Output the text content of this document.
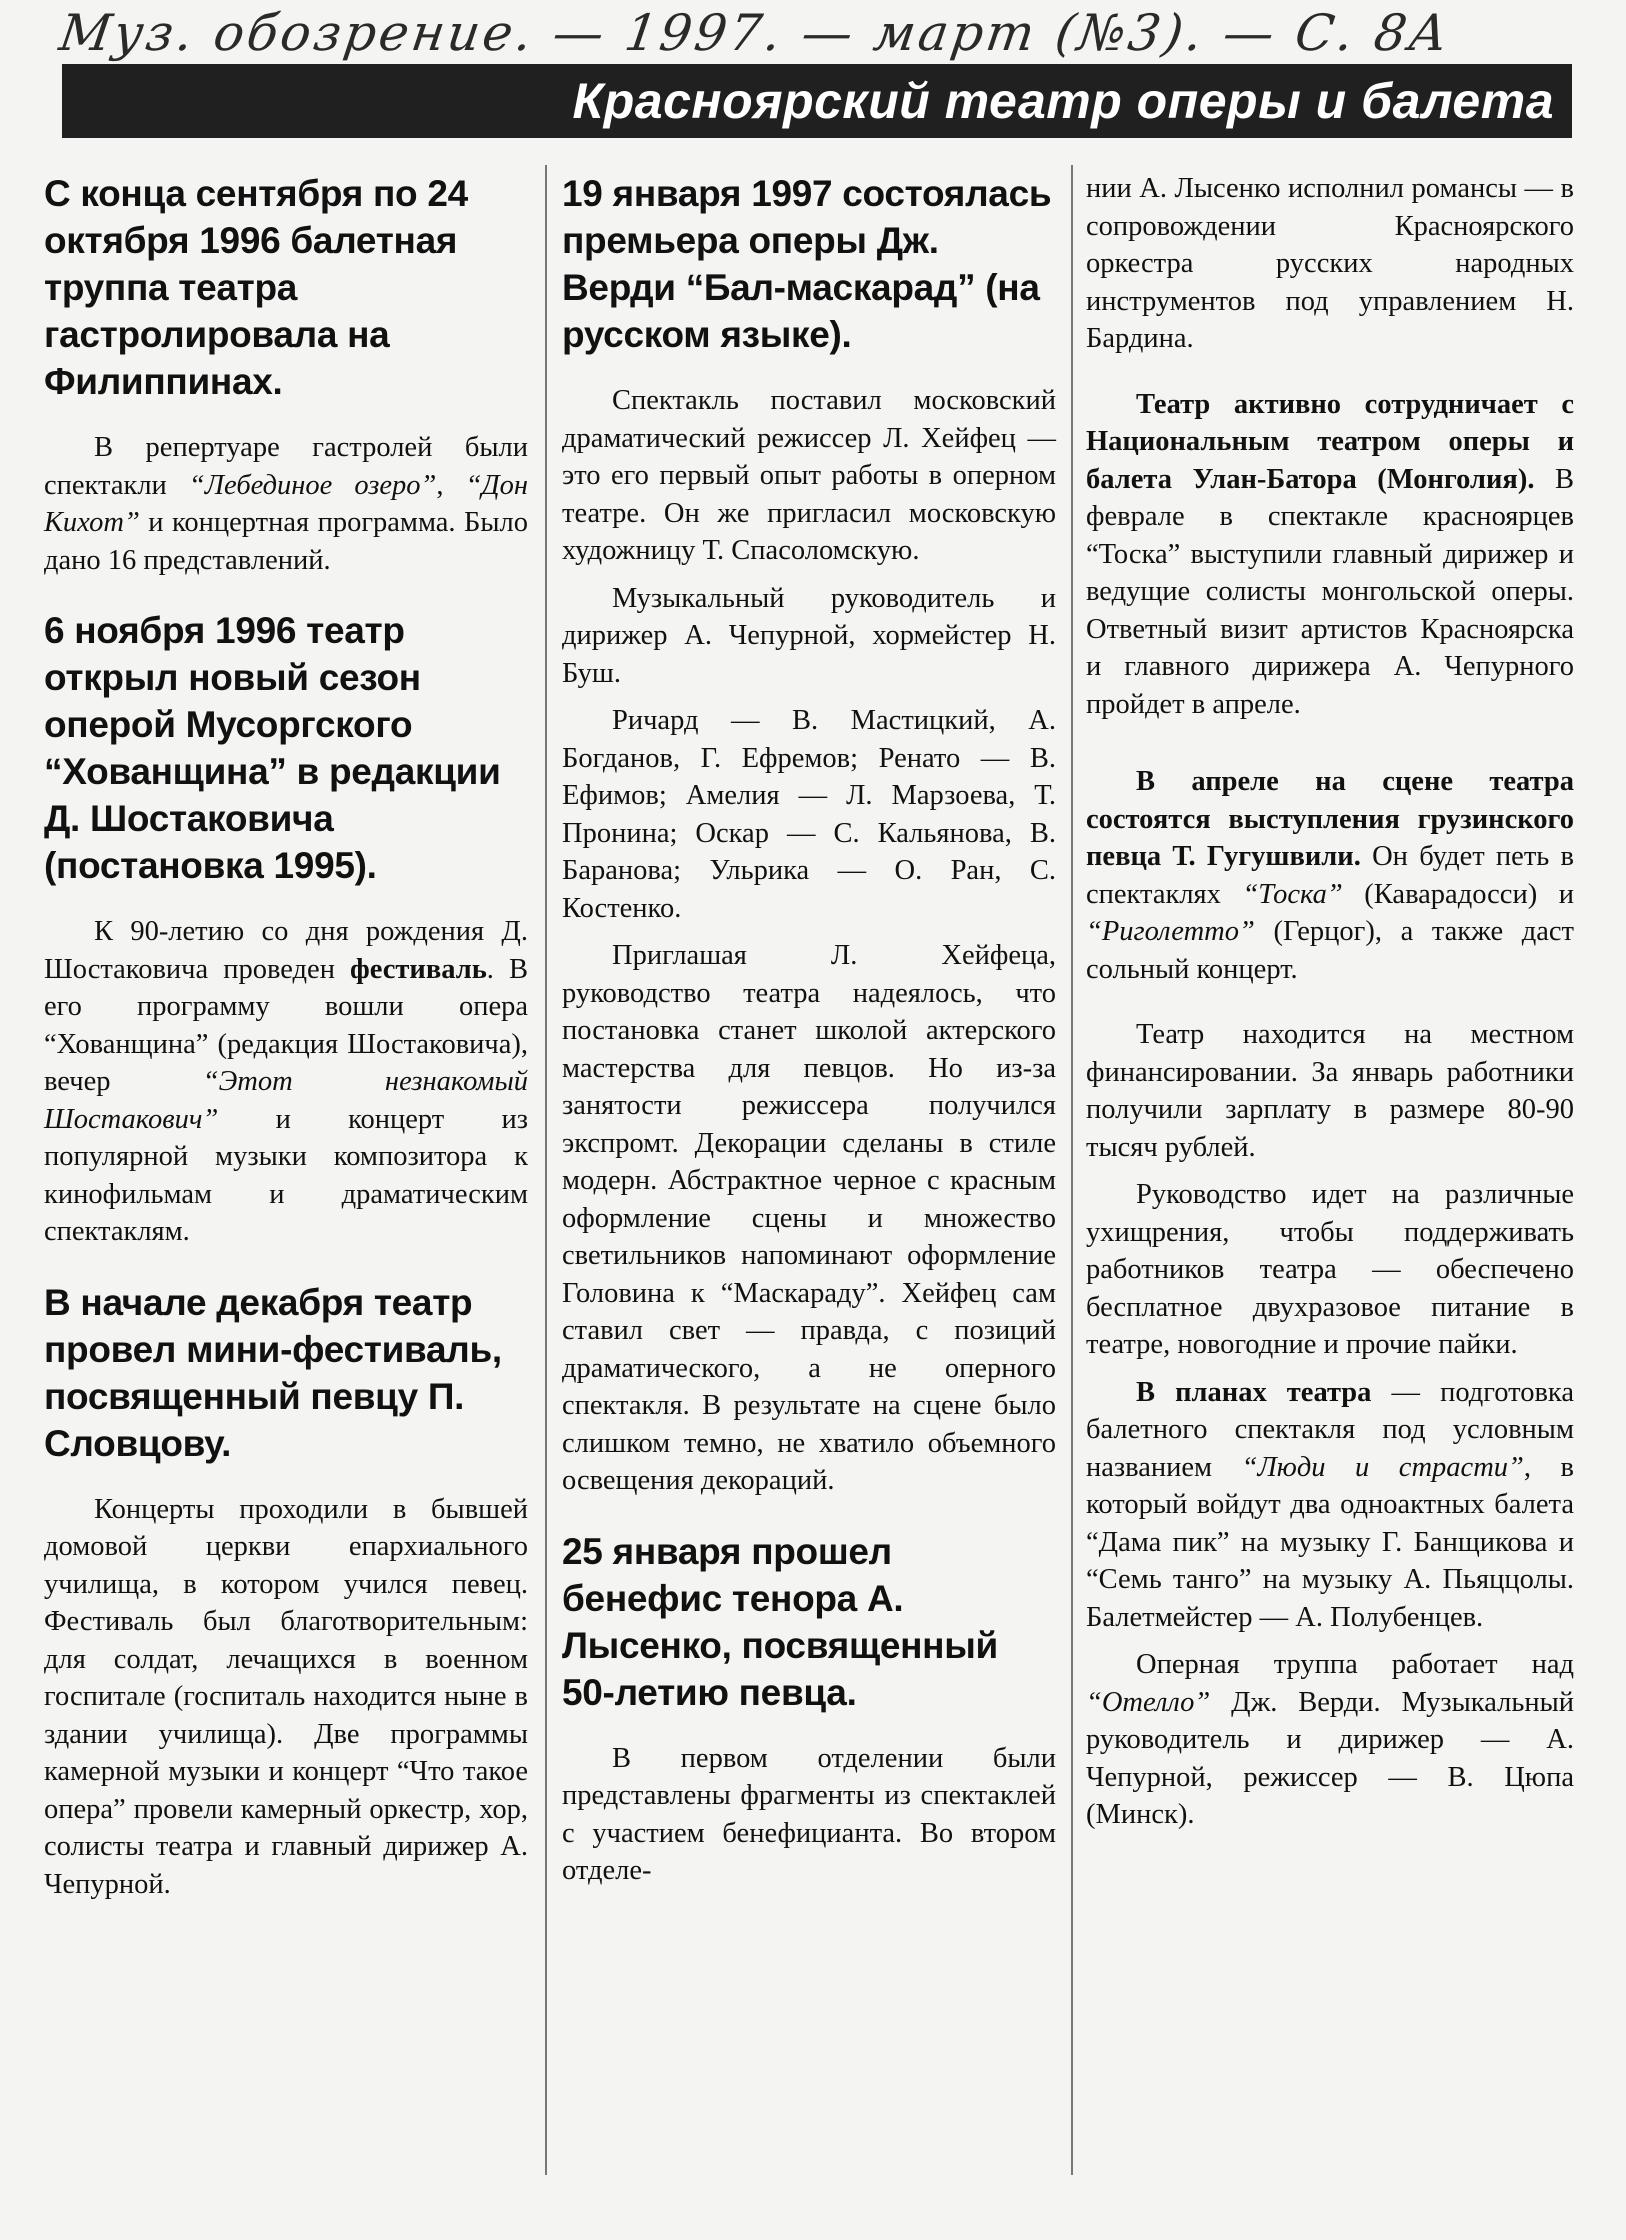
Муз. обозрение. — 1997. — март (№3). — С. 8А
Красноярский театр оперы и балета
С конца сентября по 24 октября 1996 балетная труппа театра гастролировала на Филиппинах.

В репертуаре гастролей были спектакли “Лебединое озеро”, “Дон Кихот” и концертная программа. Было дано 16 представлений.

6 ноября 1996 театр открыл новый сезон оперой Мусоргского “Хованщина” в редакции Д. Шостаковича (постановка 1995).

К 90-летию со дня рождения Д. Шостаковича проведен фестиваль. В его программу вошли опера “Хованщина” (редакция Шостаковича), вечер “Этот незнакомый Шостакович” и концерт из популярной музыки композитора к кинофильмам и драматическим спектаклям.

В начале декабря театр провел мини-фестиваль, посвященный певцу П. Словцову.

Концерты проходили в бывшей домовой церкви епархиального училища, в котором учился певец. Фестиваль был благотворительным: для солдат, лечащихся в военном госпитале (госпиталь находится ныне в здании училища). Две программы камерной музыки и концерт “Что такое опера” провели камерный оркестр, хор, солисты театра и главный дирижер А. Чепурной.

19 января 1997 состоялась премьера оперы Дж. Верди “Бал-маскарад” (на русском языке).

Спектакль поставил московский драматический режиссер Л. Хейфец — это его первый опыт работы в оперном театре. Он же пригласил московскую художницу Т. Спасоломскую.

Музыкальный руководитель и дирижер А. Чепурной, хормейстер Н. Буш.

Ричард — В. Мастицкий, А. Богданов, Г. Ефремов; Ренато — В. Ефимов; Амелия — Л. Марзоева, Т. Пронина; Оскар — С. Кальянова, В. Баранова; Ульрика — О. Ран, С. Костенко.

Приглашая Л. Хейфеца, руководство театра надеялось, что постановка станет школой актерского мастерства для певцов. Но из-за занятости режиссера получился экспромт. Декорации сделаны в стиле модерн. Абстрактное черное с красным оформление сцены и множество светильников напоминают оформление Головина к “Маскараду”. Хейфец сам ставил свет — правда, с позиций драматического, а не оперного спектакля. В результате на сцене было слишком темно, не хватило объемного освещения декораций.

25 января прошел бенефис тенора А. Лысенко, посвященный 50-летию певца.

В первом отделении были представлены фрагменты из спектаклей с участием бенефицианта. Во втором отделе-

нии А. Лысенко исполнил романсы — в сопровождении Красноярского оркестра русских народных инструментов под управлением Н. Бардина.

Театр активно сотрудничает с Национальным театром оперы и балета Улан-Батора (Монголия). В феврале в спектакле красноярцев “Тоска” выступили главный дирижер и ведущие солисты монгольской оперы. Ответный визит артистов Красноярска и главного дирижера А. Чепурного пройдет в апреле.

В апреле на сцене театра состоятся выступления грузинского певца Т. Гугушвили. Он будет петь в спектаклях “Тоска” (Каварадосси) и “Риголетто” (Герцог), а также даст сольный концерт.

Театр находится на местном финансировании. За январь работники получили зарплату в размере 80-90 тысяч рублей.

Руководство идет на различные ухищрения, чтобы поддерживать работников театра — обеспечено бесплатное двухразовое питание в театре, новогодние и прочие пайки.

В планах театра — подготовка балетного спектакля под условным названием “Люди и страсти”, в который войдут два одноактных балета “Дама пик” на музыку Г. Банщикова и “Семь танго” на музыку А. Пьяццолы. Балетмейстер — А. Полубенцев.

Оперная труппа работает над “Отелло” Дж. Верди. Музыкальный руководитель и дирижер — А. Чепурной, режиссер — В. Цюпа (Минск).
